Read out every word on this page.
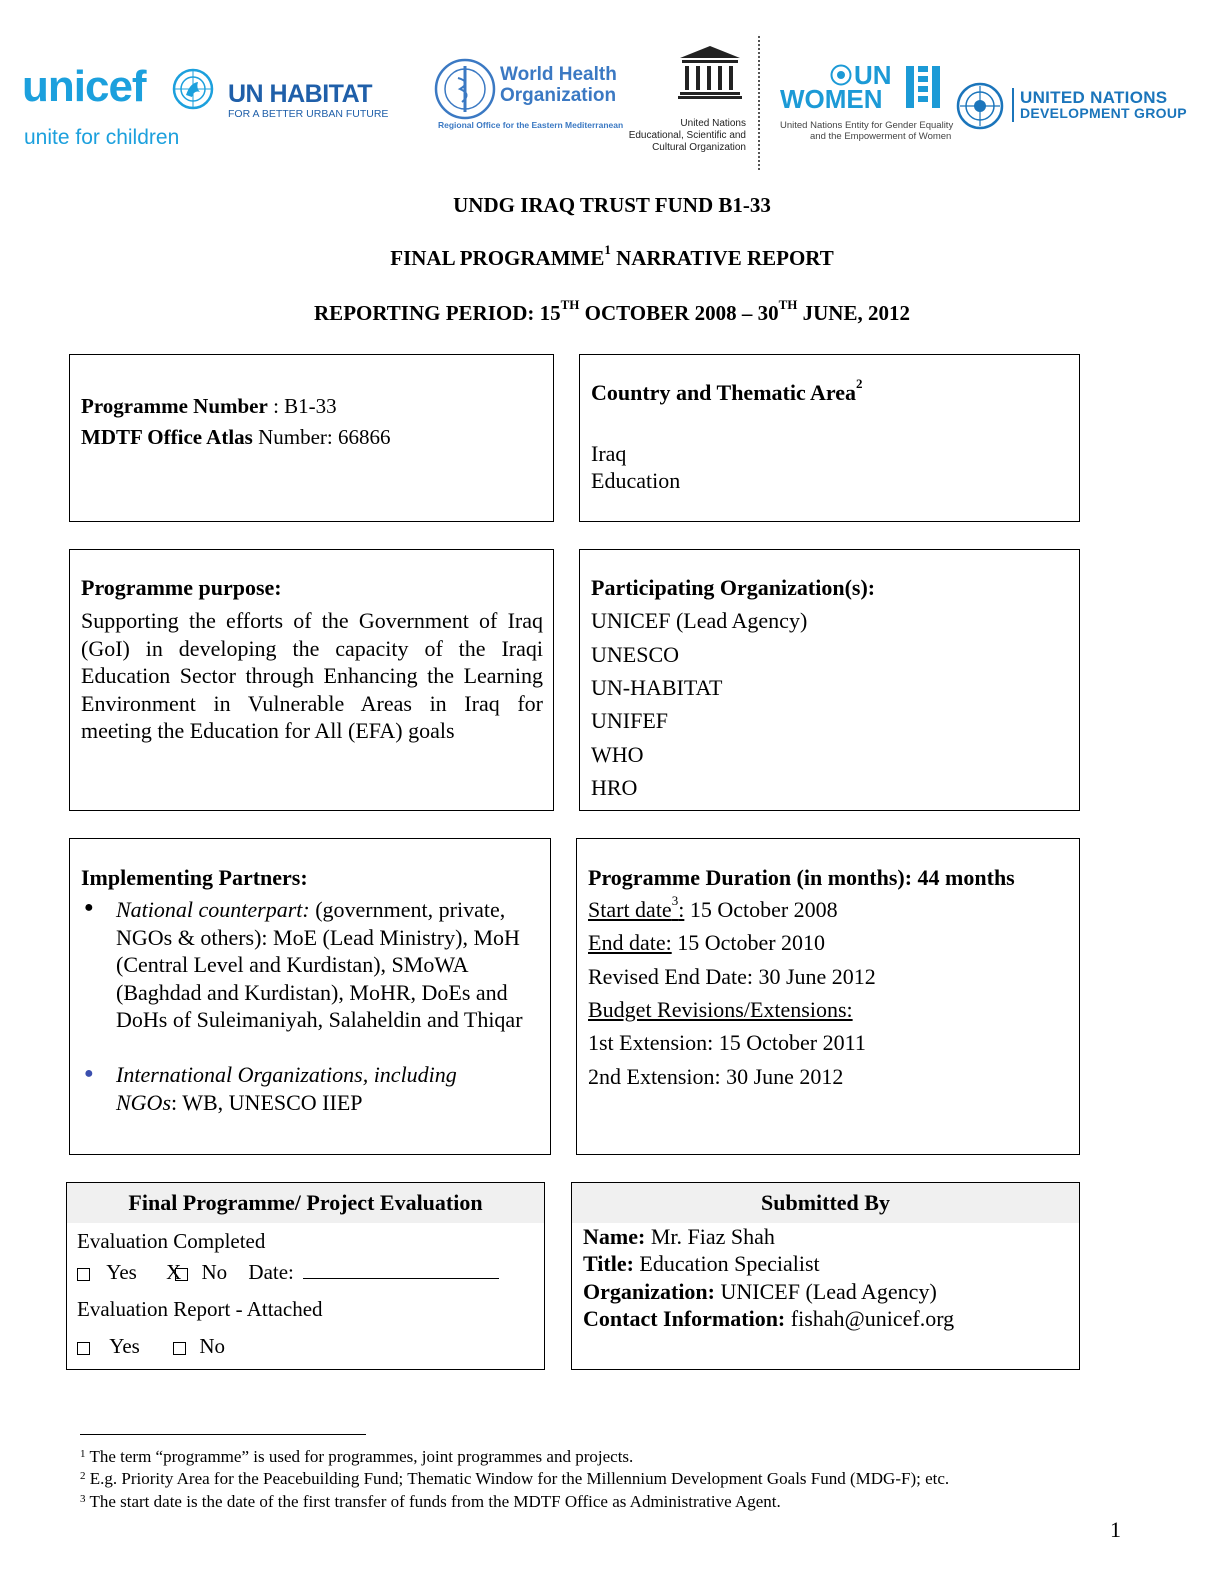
unicef
unite for children
UN HABITAT
FOR A BETTER URBAN FUTURE
World Health
Organization
Regional Office for the Eastern Mediterranean	United Nations
Educational, Scientific and
Cultural Organization
UN
WOMEN
United Nations Entity for Gender Equality
and the Empowerment of Women
UNITED NATIONS
DEVELOPMENT GROUP
UNDG IRAQ TRUST FUND B1-33
FINAL PROGRAMME$^1$ NARRATIVE REPORT
REPORTING PERIOD: 15TH OCTOBER 2008 – 30TH JUNE, 2012
Programme Number : B1-33
MDTF Office Atlas Number: 66866
Country and Thematic Area$^2$
Iraq
Education
Programme purpose:
Supporting the efforts of the Government of Iraq (GoI) in developing the capacity of the Iraqi Education Sector through Enhancing the Learning Environment in Vulnerable Areas in Iraq for meeting the Education for All (EFA) goals
Participating Organization(s):
UNICEF (Lead Agency)
UNESCO
UN-HABITAT
UNIFEF
WHO
HRO
Implementing Partners:
● National counterpart: (government, private, NGOs & others): MoE (Lead Ministry), MoH (Central Level and Kurdistan), SMoWA (Baghdad and Kurdistan), MoHR, DoEs and DoHs of Suleimaniyah, Salaheldin and Thiqar
● International Organizations, including NGOs: WB, UNESCO IIEP
Programme Duration (in months): 44 months
Start date$^3$: 15 October 2008
End date: 15 October 2010
Revised End Date: 30 June 2012
Budget Revisions/Extensions:
1st Extension: 15 October 2011
2nd Extension: 30 June 2012
Final Programme/ Project Evaluation
Evaluation Completed
Yes X No Date:
Evaluation Report - Attached
Yes	No
Submitted By
Name: Mr. Fiaz Shah
Title: Education Specialist
Organization: UNICEF (Lead Agency)
Contact Information: fishah@unicef.org
$^1$ The term “programme” is used for programmes, joint programmes and projects.
$^2$ E.g. Priority Area for the Peacebuilding Fund; Thematic Window for the Millennium Development Goals Fund (MDG-F); etc.
$^3$ The start date is the date of the first transfer of funds from the MDTF Office as Administrative Agent.
1
